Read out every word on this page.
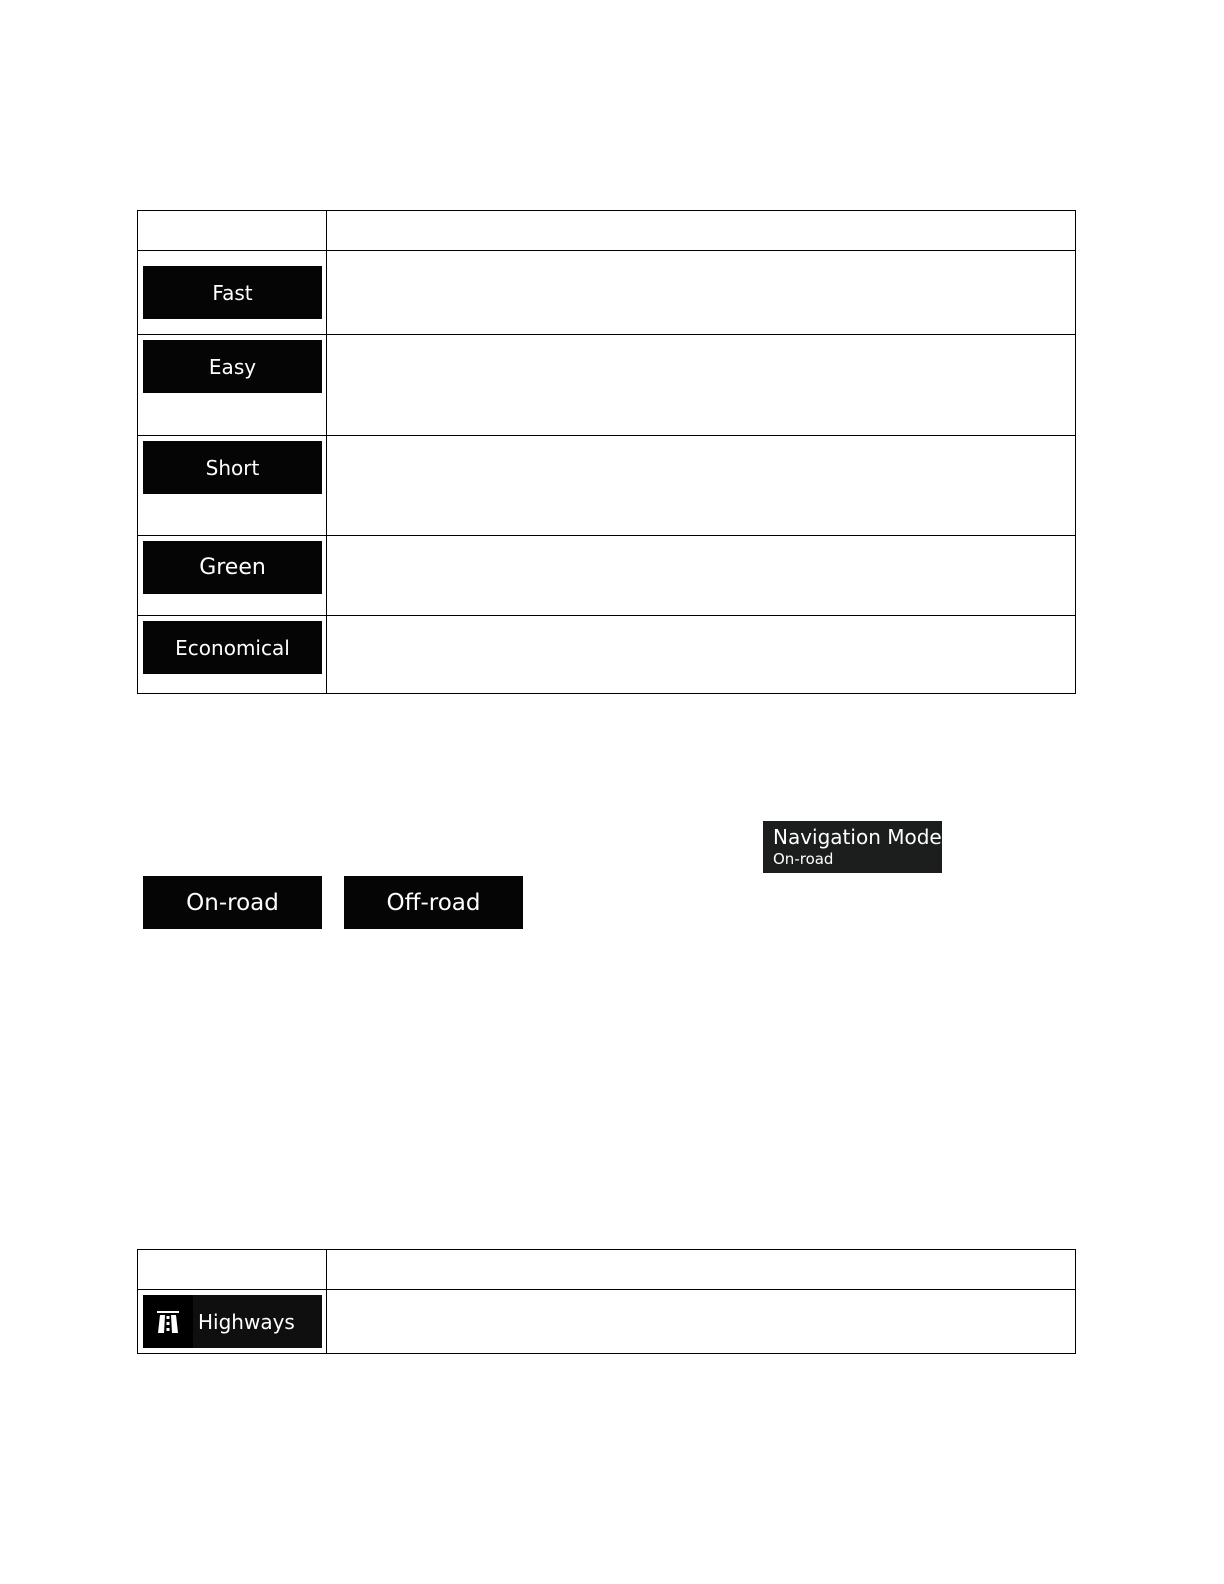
Fast	

Easy	

Short	

Green	

Economical	

Navigation Mode
On-road
On-road	Off-road

Highways	
